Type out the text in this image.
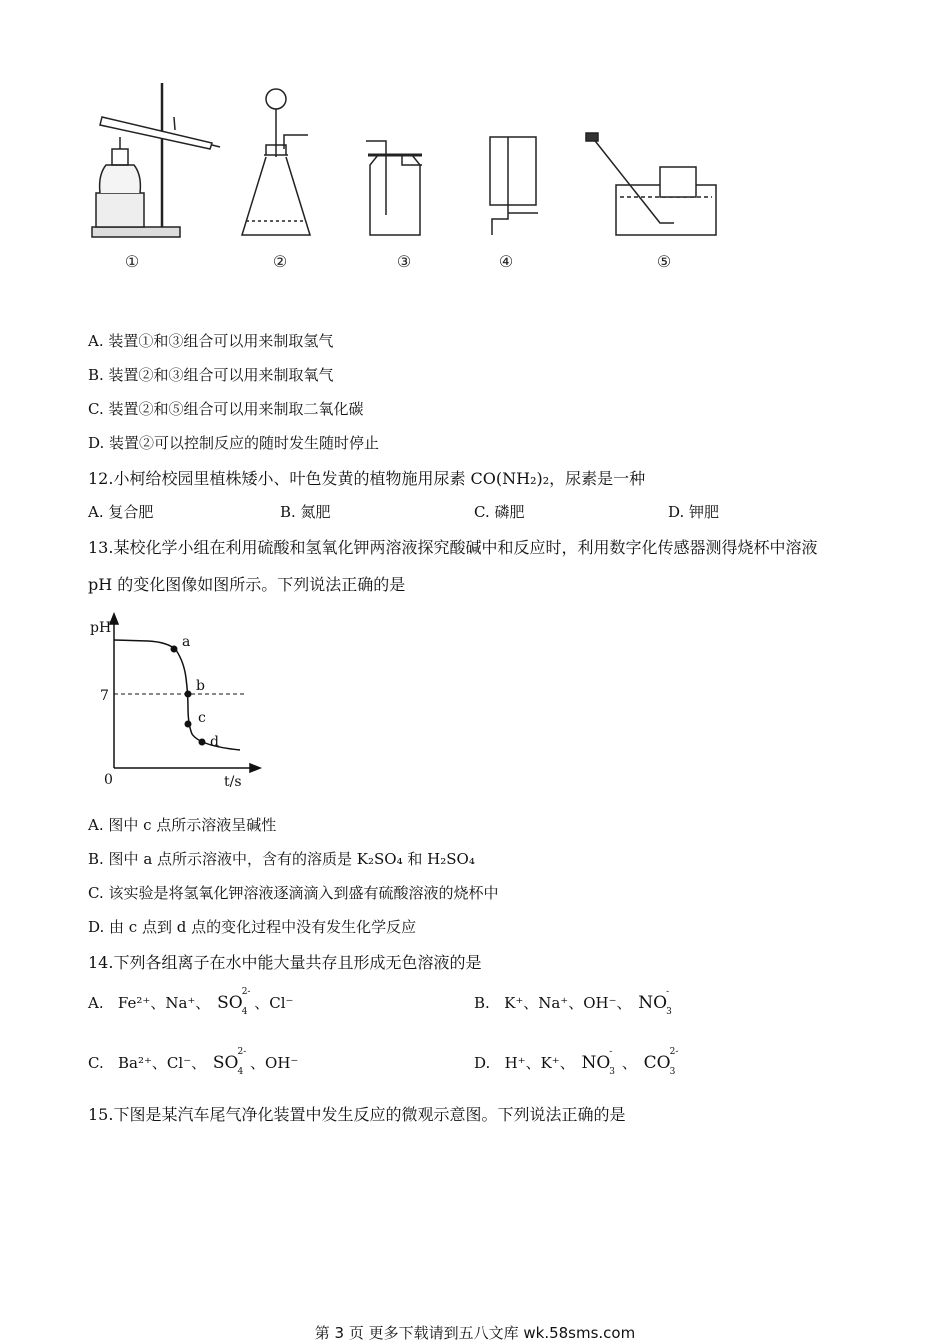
①	②	③	④	⑤
A. 装置①和③组合可以用来制取氢气
B. 装置②和③组合可以用来制取氧气
C. 装置②和⑤组合可以用来制取二氧化碳
D. 装置②可以控制反应的随时发生随时停止
12.小柯给校园里植株矮小、叶色发黄的植物施用尿素 CO(NH₂)₂，尿素是一种
A. 复合肥	B. 氮肥	C. 磷肥	D. 钾肥
13.某校化学小组在利用硫酸和氢氧化钾两溶液探究酸碱中和反应时，利用数字化传感器测得烧杯中溶液
pH 的变化图像如图所示。下列说法正确的是
pH
7
0	t/s
a
b
c
d
A. 图中 c 点所示溶液呈碱性
B. 图中 a 点所示溶液中，含有的溶质是 K₂SO₄ 和 H₂SO₄
C. 该实验是将氢氧化钾溶液逐滴滴入到盛有硫酸溶液的烧杯中
D. 由 c 点到 d 点的变化过程中没有发生化学反应
14.下列各组离子在水中能大量共存且形成无色溶液的是
A. Fe²⁺、Na⁺、 SO
2-
4 、Cl⁻	B. K⁺、Na⁺、OH⁻、 NO
-
3
C. Ba²⁺、Cl⁻、 SO
2-
4 、OH⁻	D. H⁺、K⁺、 NO
-
3 、 CO
2-
3
15.下图是某汽车尾气净化装置中发生反应的微观示意图。下列说法正确的是
第 3 页 更多下载请到五八文库 wk.58sms.com
